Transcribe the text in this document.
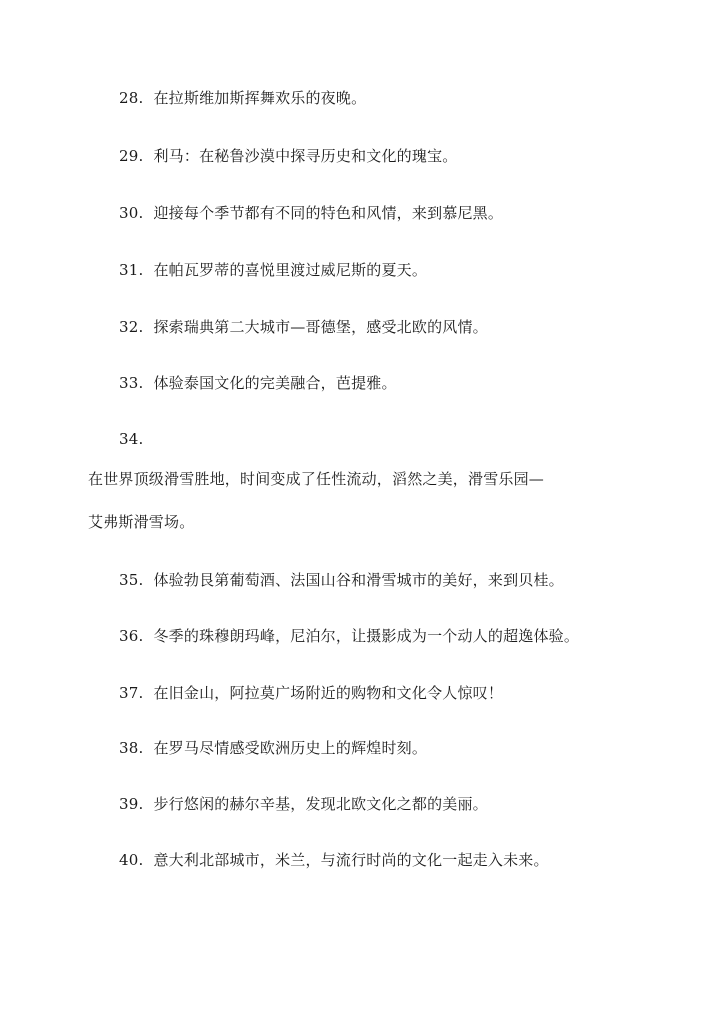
28. 在拉斯维加斯挥舞欢乐的夜晚。
29. 利马：在秘鲁沙漠中探寻历史和文化的瑰宝。
30. 迎接每个季节都有不同的特色和风情，来到慕尼黑。
31. 在帕瓦罗蒂的喜悦里渡过威尼斯的夏天。
32. 探索瑞典第二大城市—哥德堡，感受北欧的风情。
33. 体验泰国文化的完美融合，芭提雅。
34.
在世界顶级滑雪胜地，时间变成了任性流动，滔然之美，滑雪乐园—
艾弗斯滑雪场。
35. 体验勃艮第葡萄酒、法国山谷和滑雪城市的美好，来到贝桂。
36. 冬季的珠穆朗玛峰，尼泊尔，让摄影成为一个动人的超逸体验。
37. 在旧金山，阿拉莫广场附近的购物和文化令人惊叹！
38. 在罗马尽情感受欧洲历史上的辉煌时刻。
39. 步行悠闲的赫尔辛基，发现北欧文化之都的美丽。
40. 意大利北部城市，米兰，与流行时尚的文化一起走入未来。
